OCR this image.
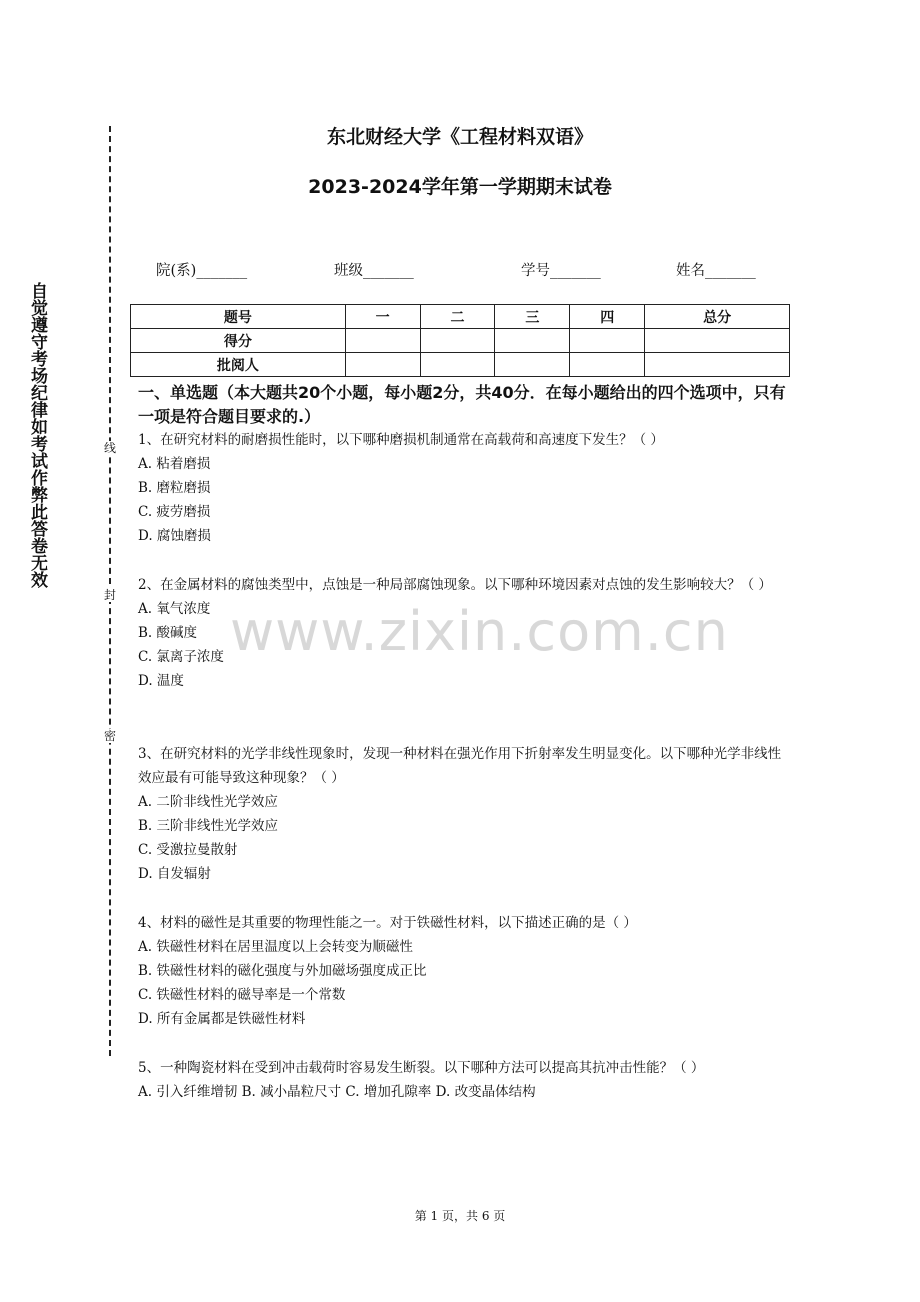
自觉遵守考场纪律如考试作弊此答卷无效	线
封
密
东北财经大学《工程材料双语》
2023-2024学年第一学期期末试卷
院(系)_______	班级_______	学号_______	姓名_______
题号	一	二	三	四	总分
得分					
批阅人					
一、单选题（本大题共20个小题，每小题2分，共40分．在每小题给出的四个选项中，只有一项是符合题目要求的.）
www.zixin.com.cn
1、在研究材料的耐磨损性能时，以下哪种磨损机制通常在高载荷和高速度下发生？（ ）
A. 粘着磨损
B. 磨粒磨损
C. 疲劳磨损
D. 腐蚀磨损
2、在金属材料的腐蚀类型中，点蚀是一种局部腐蚀现象。以下哪种环境因素对点蚀的发生影响较大？（ ）
A. 氧气浓度
B. 酸碱度
C. 氯离子浓度
D. 温度
3、在研究材料的光学非线性现象时，发现一种材料在强光作用下折射率发生明显变化。以下哪种光学非线性效应最有可能导致这种现象？（ ）
A. 二阶非线性光学效应
B. 三阶非线性光学效应
C. 受激拉曼散射
D. 自发辐射
4、材料的磁性是其重要的物理性能之一。对于铁磁性材料，以下描述正确的是（ ）
A. 铁磁性材料在居里温度以上会转变为顺磁性
B. 铁磁性材料的磁化强度与外加磁场强度成正比
C. 铁磁性材料的磁导率是一个常数
D. 所有金属都是铁磁性材料
5、一种陶瓷材料在受到冲击载荷时容易发生断裂。以下哪种方法可以提高其抗冲击性能？（ ）
A. 引入纤维增韧 B. 减小晶粒尺寸 C. 增加孔隙率 D. 改变晶体结构
第 1 页，共 6 页
